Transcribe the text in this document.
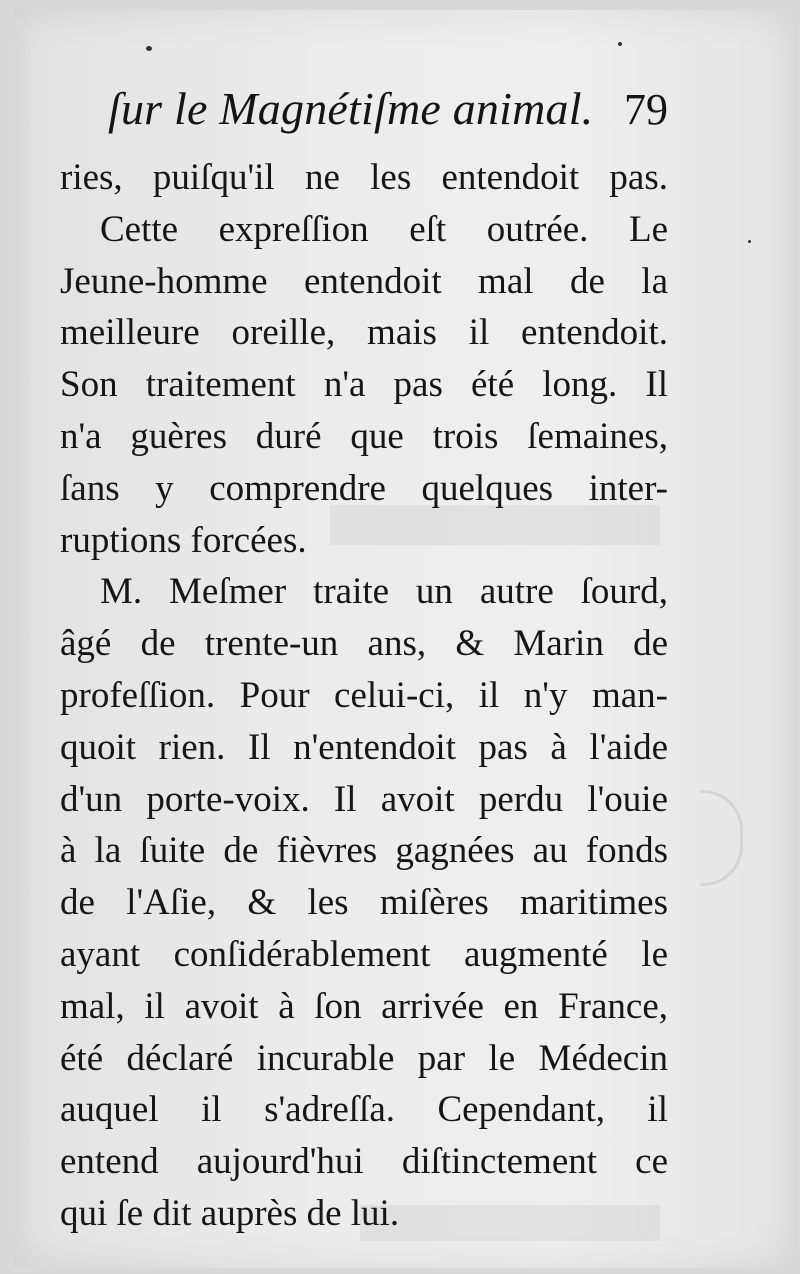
ſur le Magnétiſme animal. 79
ries, puiſqu'il ne les entendoit pas.
Cette expreſſion eſt outrée. Le
Jeune-homme entendoit mal de la
meilleure oreille, mais il entendoit.
Son traitement n'a pas été long. Il
n'a guères duré que trois ſemaines,
ſans y comprendre quelques inter-
ruptions forcées.
M. Meſmer traite un autre ſourd,
âgé de trente-un ans, & Marin de
profeſſion. Pour celui-ci, il n'y man-
quoit rien. Il n'entendoit pas à l'aide
d'un porte-voix. Il avoit perdu l'ouie
à la ſuite de fièvres gagnées au fonds
de l'Aſie, & les miſères maritimes
ayant conſidérablement augmenté le
mal, il avoit à ſon arrivée en France,
été déclaré incurable par le Médecin
auquel il s'adreſſa. Cependant, il
entend aujourd'hui diſtinctement ce
qui ſe dit auprès de lui.
